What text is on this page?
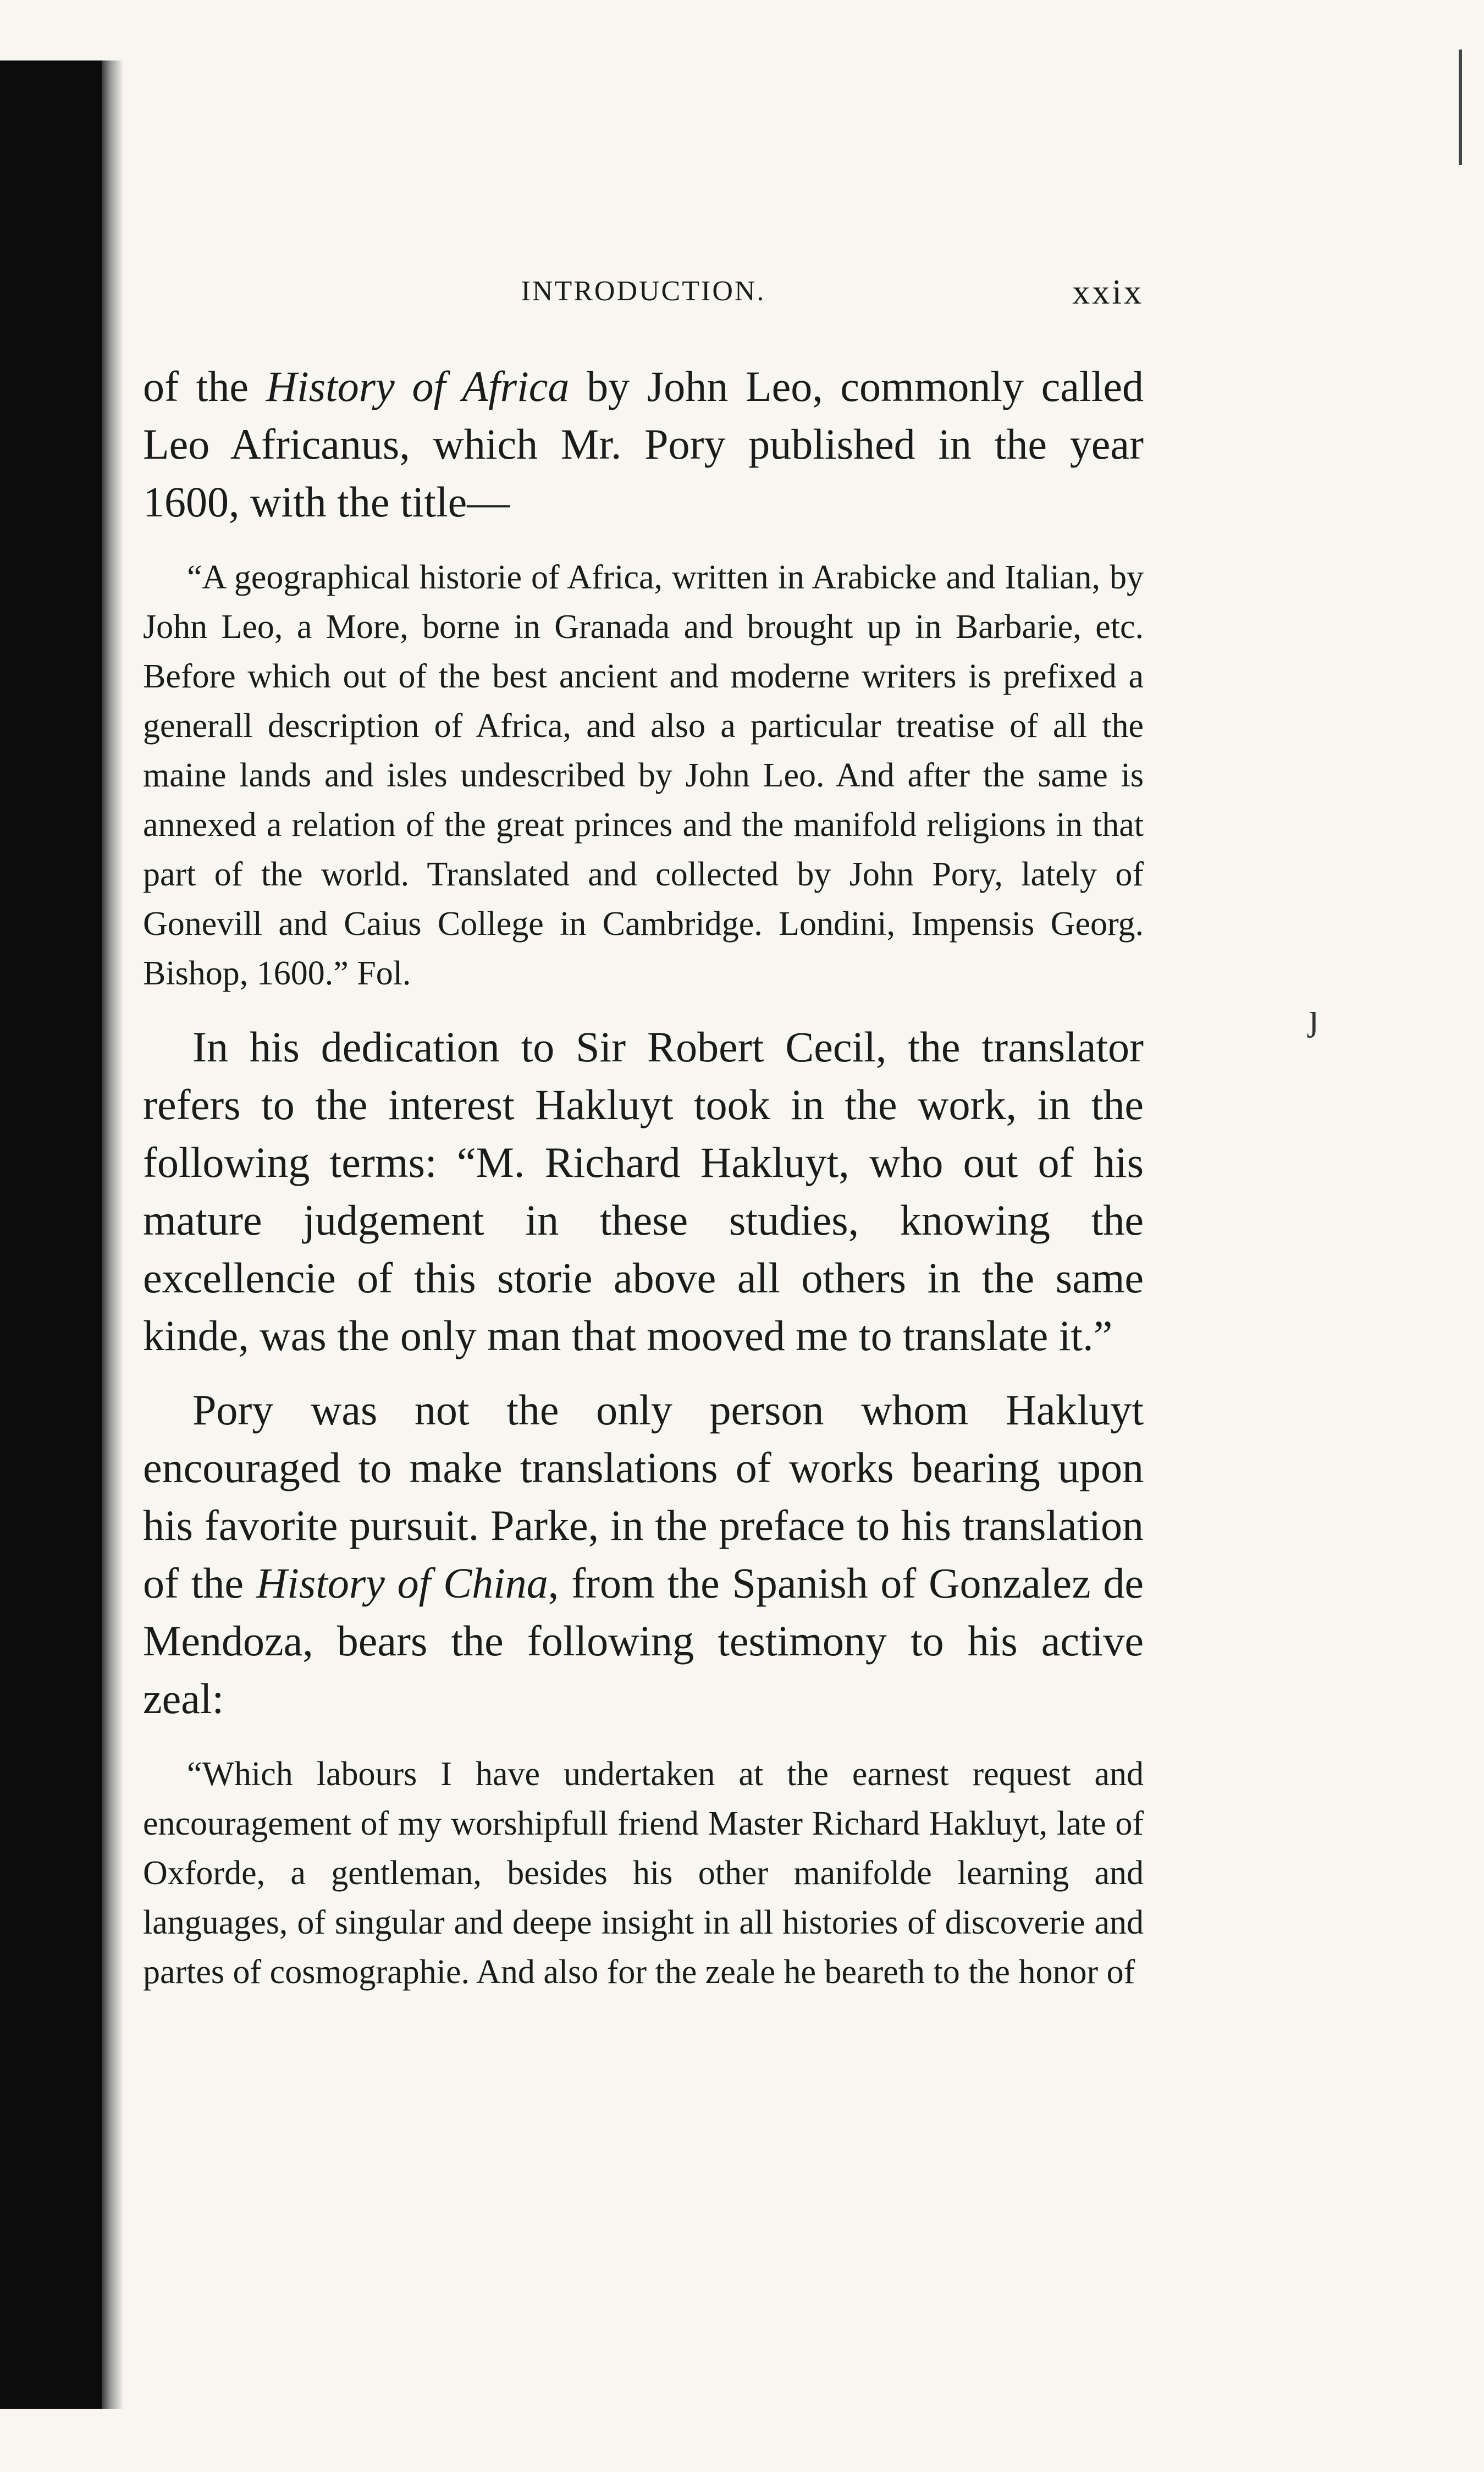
ȷ
INTRODUCTION.	xxix

of the History of Africa by John Leo, commonly called Leo Africanus, which Mr. Pory published in the year 1600, with the title—

“A geographical historie of Africa, written in Arabicke and Italian, by John Leo, a More, borne in Granada and brought up in Barbarie, etc. Before which out of the best ancient and moderne writers is prefixed a generall description of Africa, and also a particular treatise of all the maine lands and isles undescribed by John Leo. And after the same is annexed a relation of the great princes and the manifold religions in that part of the world. Translated and collected by John Pory, lately of Gonevill and Caius College in Cambridge. Londini, Impensis Georg. Bishop, 1600.” Fol.

In his dedication to Sir Robert Cecil, the translator refers to the interest Hakluyt took in the work, in the following terms: “M. Richard Hakluyt, who out of his mature judgement in these studies, knowing the excellencie of this storie above all others in the same kinde, was the only man that mooved me to translate it.”

Pory was not the only person whom Hakluyt encouraged to make translations of works bearing upon his favorite pursuit. Parke, in the preface to his translation of the History of China, from the Spanish of Gonzalez de Mendoza, bears the following testimony to his active zeal:

“Which labours I have undertaken at the earnest request and encouragement of my worshipfull friend Master Richard Hakluyt, late of Oxforde, a gentleman, besides his other manifolde learning and languages, of singular and deepe insight in all histories of discoverie and partes of cosmographie. And also for the zeale he beareth to the honor of
